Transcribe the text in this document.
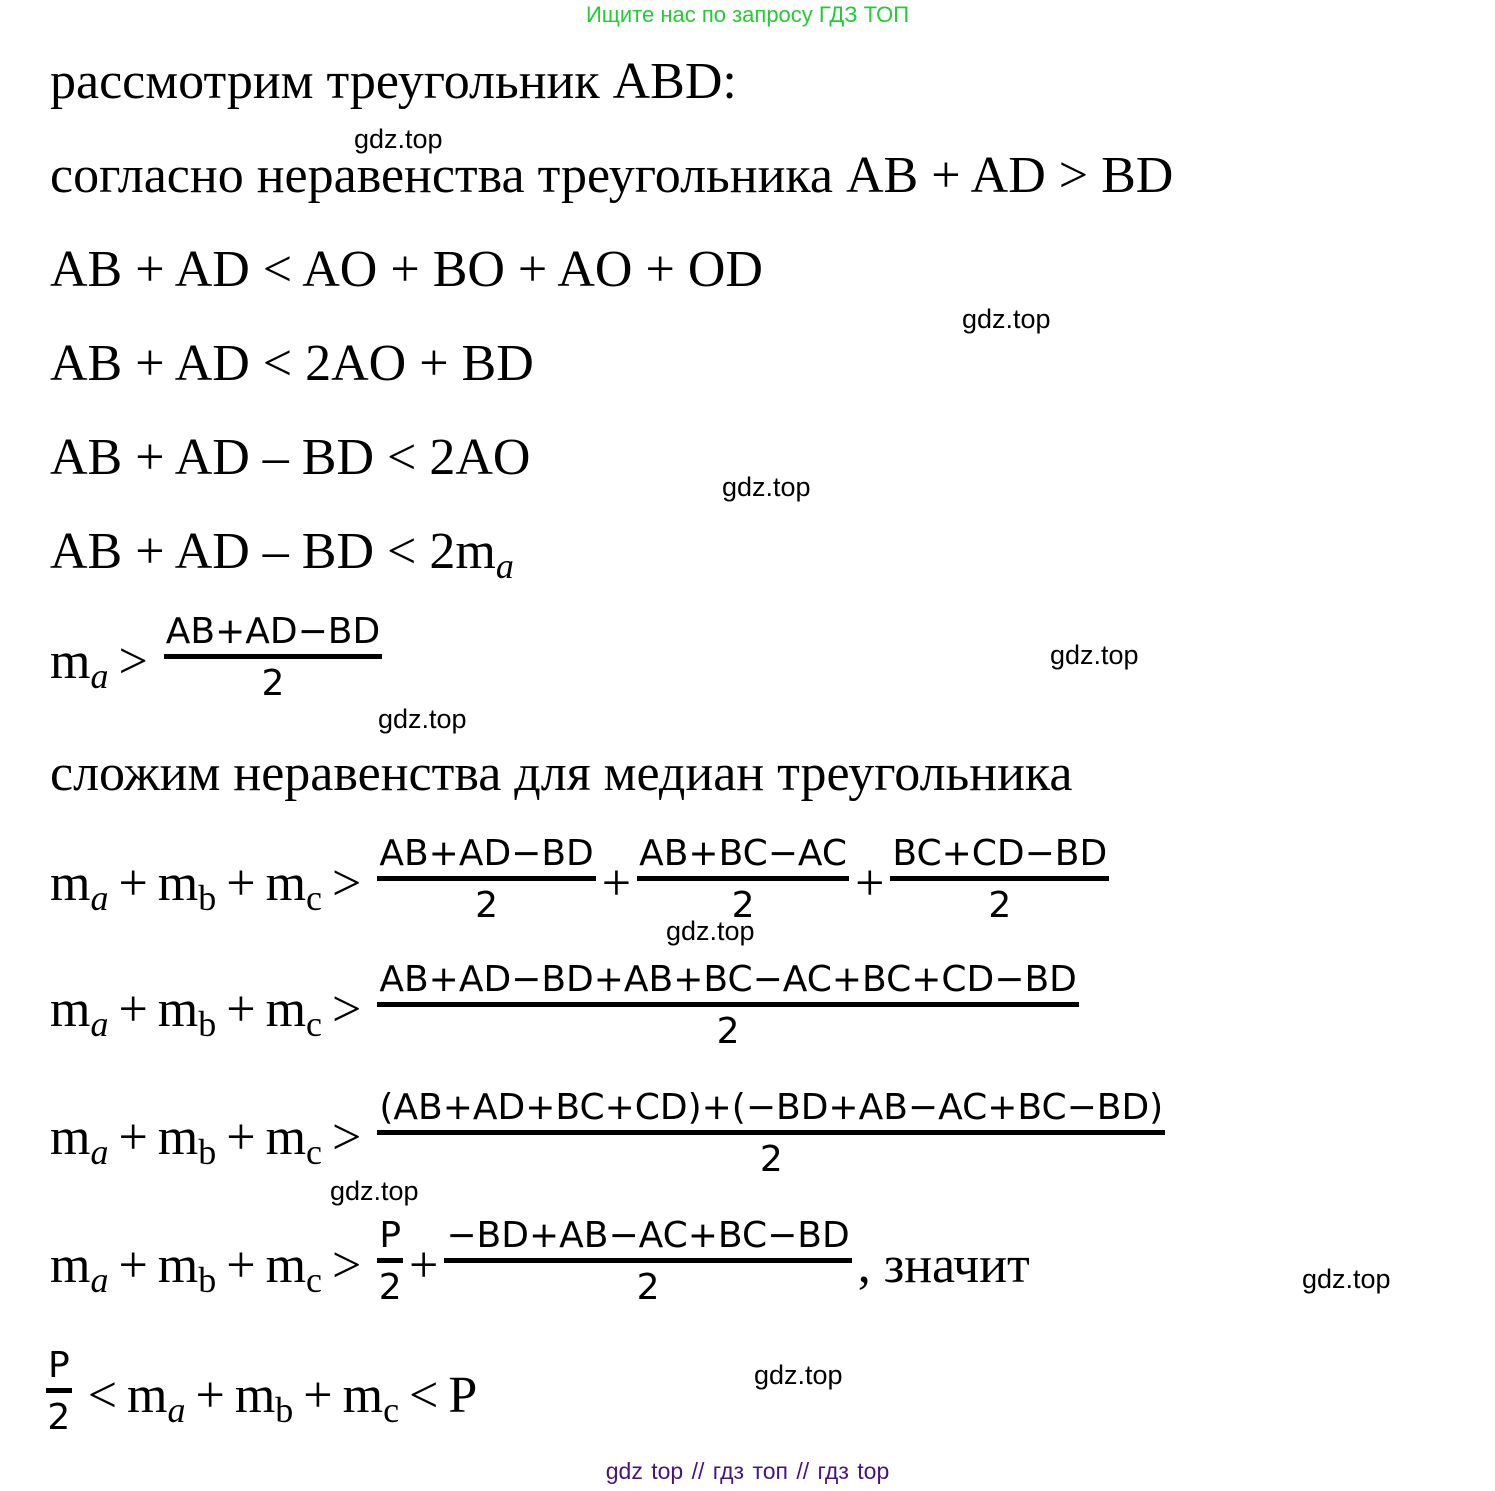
Ищите нас по запросу ГДЗ ТОП
рассмотрим треугольник ABD:
gdz.top
согласно неравенства треугольника AB + AD > BD
AB + AD < AO + BO + AO + OD
gdz.top
AB + AD < 2AO + BD
AB + AD – BD < 2AO
gdz.top
AB + AD – BD < 2m a
m a >
AB+AD−BD
2
gdz.top
gdz.top
сложим неравенства для медиан треугольника
m a + m b + m c >
AB+AD−BD
2 +
AB+BC−AC
2 +
BC+CD−BD
2
gdz.top
m a + m b + m c >
AB+AD−BD+AB+BC−AC+BC+CD−BD
2
m a + m b + m c >
(AB+AD+BC+CD)+(−BD+AB−AC+BC−BD)
2
gdz.top
m a + m b + m c >
P
2 +
−BD+AB−AC+BC−BD
2	, значит	gdz.top
P
2 < m a + m b + m c < P	gdz.top
gdz top // гдз топ // гдз top
